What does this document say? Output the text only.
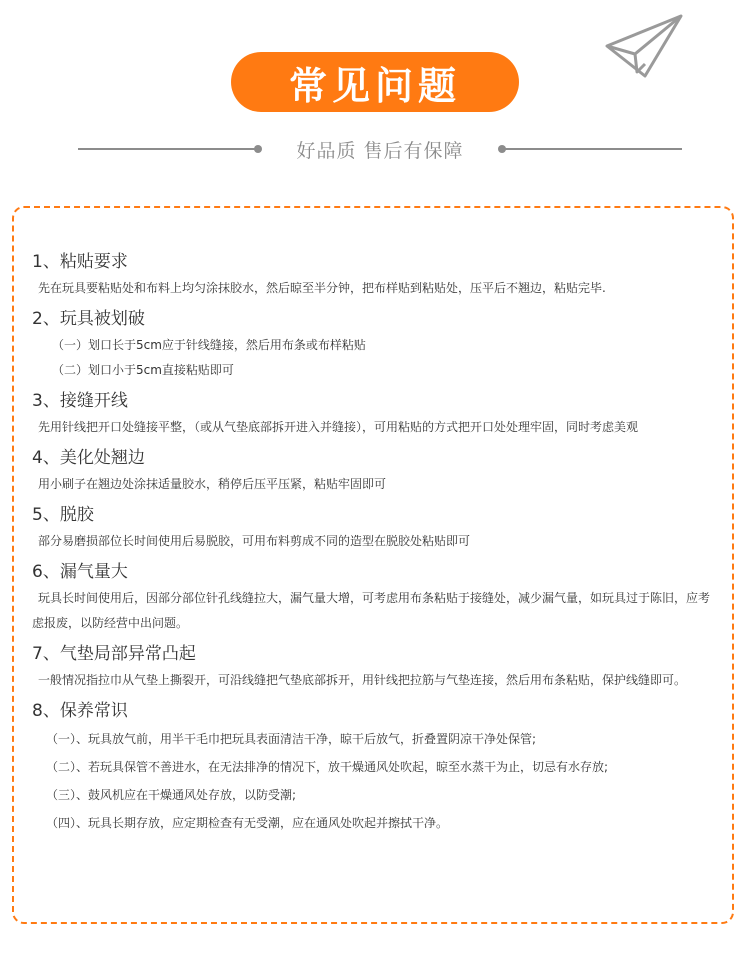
常见问题
好品质 售后有保障
1、粘贴要求
先在玩具要粘贴处和布料上均匀涂抹胶水，然后晾至半分钟，把布样贴到粘贴处，压平后不翘边，粘贴完毕.
2、玩具被划破
（一）划口长于5cm应于针线缝接，然后用布条或布样粘贴
（二）划口小于5cm直接粘贴即可
3、接缝开线
先用针线把开口处缝接平整，（或从气垫底部拆开进入并缝接），可用粘贴的方式把开口处处理牢固，同时考虑美观
4、美化处翘边
用小刷子在翘边处涂抹适量胶水，稍停后压平压紧，粘贴牢固即可
5、脱胶
部分易磨损部位长时间使用后易脱胶，可用布料剪成不同的造型在脱胶处粘贴即可
6、漏气量大
玩具长时间使用后，因部分部位针孔线缝拉大，漏气量大增，可考虑用布条粘贴于接缝处，减少漏气量，如玩具过于陈旧，应考虑报废，以防经营中出问题。
7、气垫局部异常凸起
一般情况指拉巾从气垫上撕裂开，可沿线缝把气垫底部拆开，用针线把拉筋与气垫连接，然后用布条粘贴，保护线缝即可。
8、保养常识
（一）、玩具放气前，用半干毛巾把玩具表面清洁干净，晾干后放气，折叠置阴凉干净处保管;
（二）、若玩具保管不善进水，在无法排净的情况下，放干燥通风处吹起，晾至水蒸干为止，切忌有水存放;
（三）、鼓风机应在干燥通风处存放，以防受潮;
（四）、玩具长期存放，应定期检查有无受潮，应在通风处吹起并擦拭干净。
